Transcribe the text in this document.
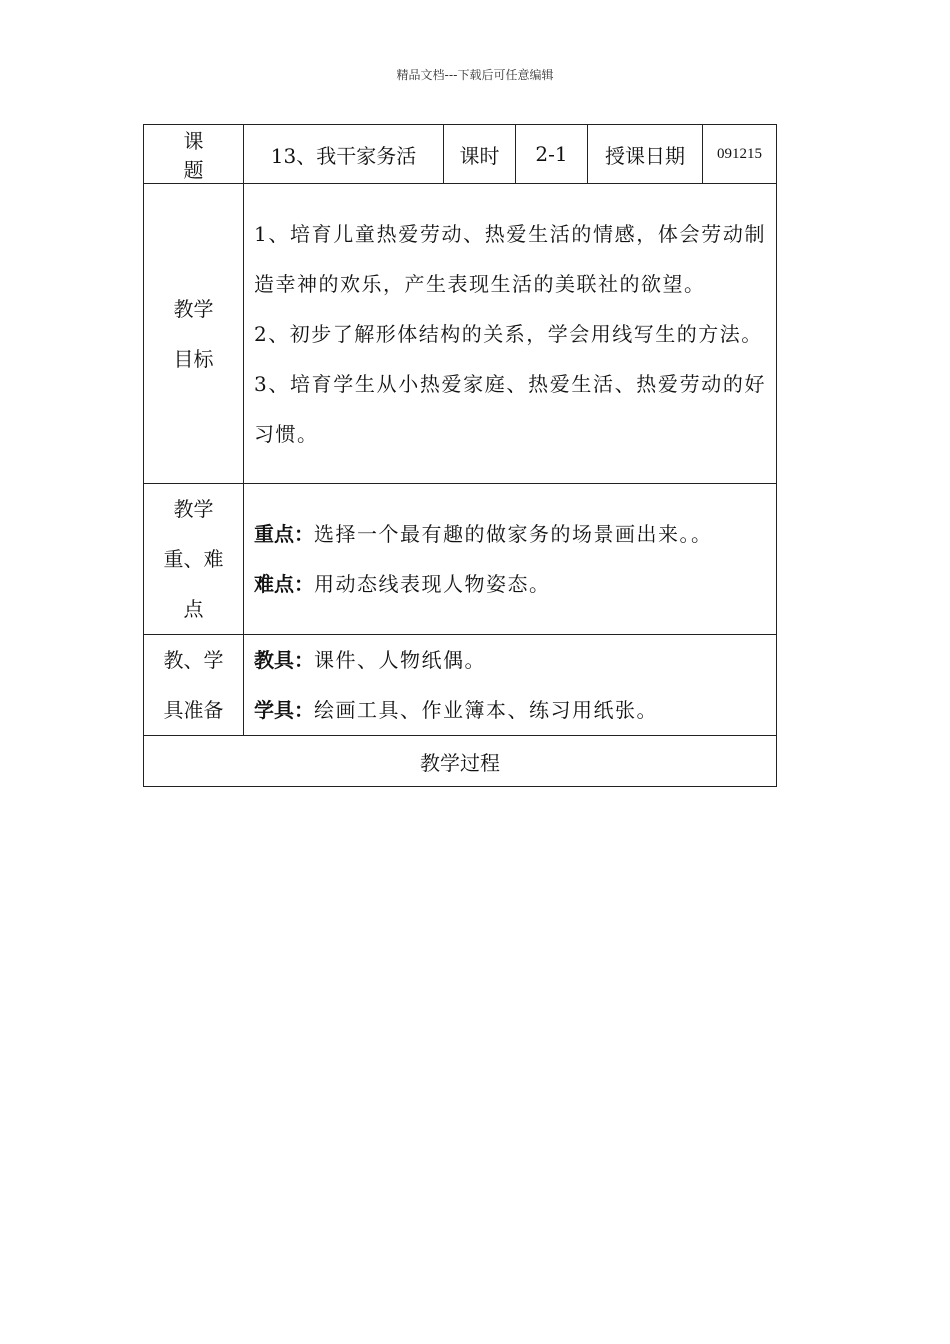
精品文档---下载后可任意编辑
课题	13、我干家务活	课时	2-1	授课日期	091215

教学
目标	1、培育儿童热爱劳动、热爱生活的情感，体会劳动制造幸神的欢乐，产生表现生活的美联社的欲望。
2、初步了解形体结构的关系，学会用线写生的方法。
3、培育学生从小热爱家庭、热爱生活、热爱劳动的好习惯。				

教学
重、难
点	重点：选择一个最有趣的做家务的场景画出来。。
难点：用动态线表现人物姿态。				

教、学
具准备	教具：课件、人物纸偶。
学具：绘画工具、作业簿本、练习用纸张。				

教学过程					
